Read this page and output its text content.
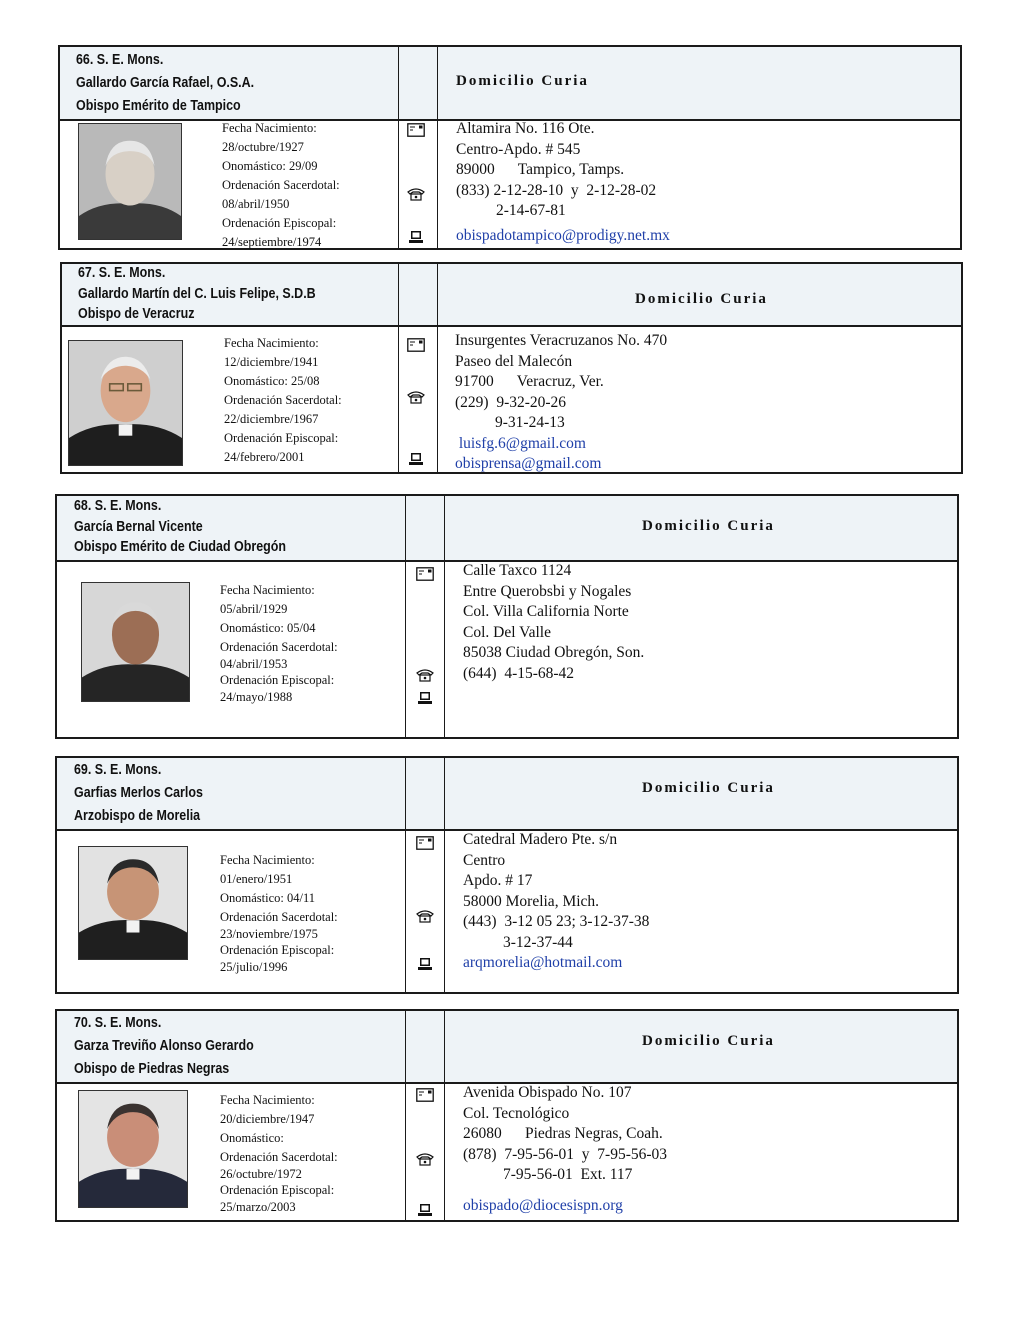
66. S. E. Mons.
Gallardo García Rafael, O.S.A.
Obispo Emérito de Tampico
Domicilio Curia
Fecha Nacimiento:
28/octubre/1927
Onomástico: 29/09
Ordenación Sacerdotal:
08/abril/1950
Ordenación Episcopal:
24/septiembre/1974
Altamira No. 116 Ote.
Centro-Apdo. # 545
89000      Tampico, Tamps.
(833) 2-12-28-10  y  2-12-28-02
2-14-67-81
obispadotampico@prodigy.net.mx
67. S. E. Mons.
Gallardo Martín del C. Luis Felipe, S.D.B
Obispo de Veracruz
Domicilio Curia
Fecha Nacimiento:
12/diciembre/1941
Onomástico: 25/08
Ordenación Sacerdotal:
22/diciembre/1967
Ordenación Episcopal:
24/febrero/2001
Insurgentes Veracruzanos No. 470
Paseo del Malecón
91700      Veracruz, Ver.
(229)  9-32-20-26
9-31-24-13
luisfg.6@gmail.com
obisprensa@gmail.com
68. S. E. Mons.
García Bernal Vicente
Obispo Emérito de Ciudad Obregón
Domicilio Curia
Fecha Nacimiento:
05/abril/1929
Onomástico: 05/04
Ordenación Sacerdotal:
04/abril/1953
Ordenación Episcopal:
24/mayo/1988
Calle Taxco 1124
Entre Querobsbi y Nogales
Col. Villa California Norte
Col. Del Valle
85038 Ciudad Obregón, Son.
(644)  4-15-68-42
69. S. E. Mons.
Garfias Merlos Carlos
Arzobispo de Morelia
Domicilio Curia
Fecha Nacimiento:
01/enero/1951
Onomástico: 04/11
Ordenación Sacerdotal:
23/noviembre/1975
Ordenación Episcopal:
25/julio/1996
Catedral Madero Pte. s/n
Centro
Apdo. # 17
58000 Morelia, Mich.
(443)  3-12 05 23; 3-12-37-38
3-12-37-44
arqmorelia@hotmail.com
70. S. E. Mons.
Garza Treviño Alonso Gerardo
Obispo de Piedras Negras
Domicilio Curia
Fecha Nacimiento:
20/diciembre/1947
Onomástico:
Ordenación Sacerdotal:
26/octubre/1972
Ordenación Episcopal:
25/marzo/2003
Avenida Obispado No. 107
Col. Tecnológico
26080      Piedras Negras, Coah.
(878)  7-95-56-01  y  7-95-56-03
7-95-56-01  Ext. 117
obispado@diocesispn.org
